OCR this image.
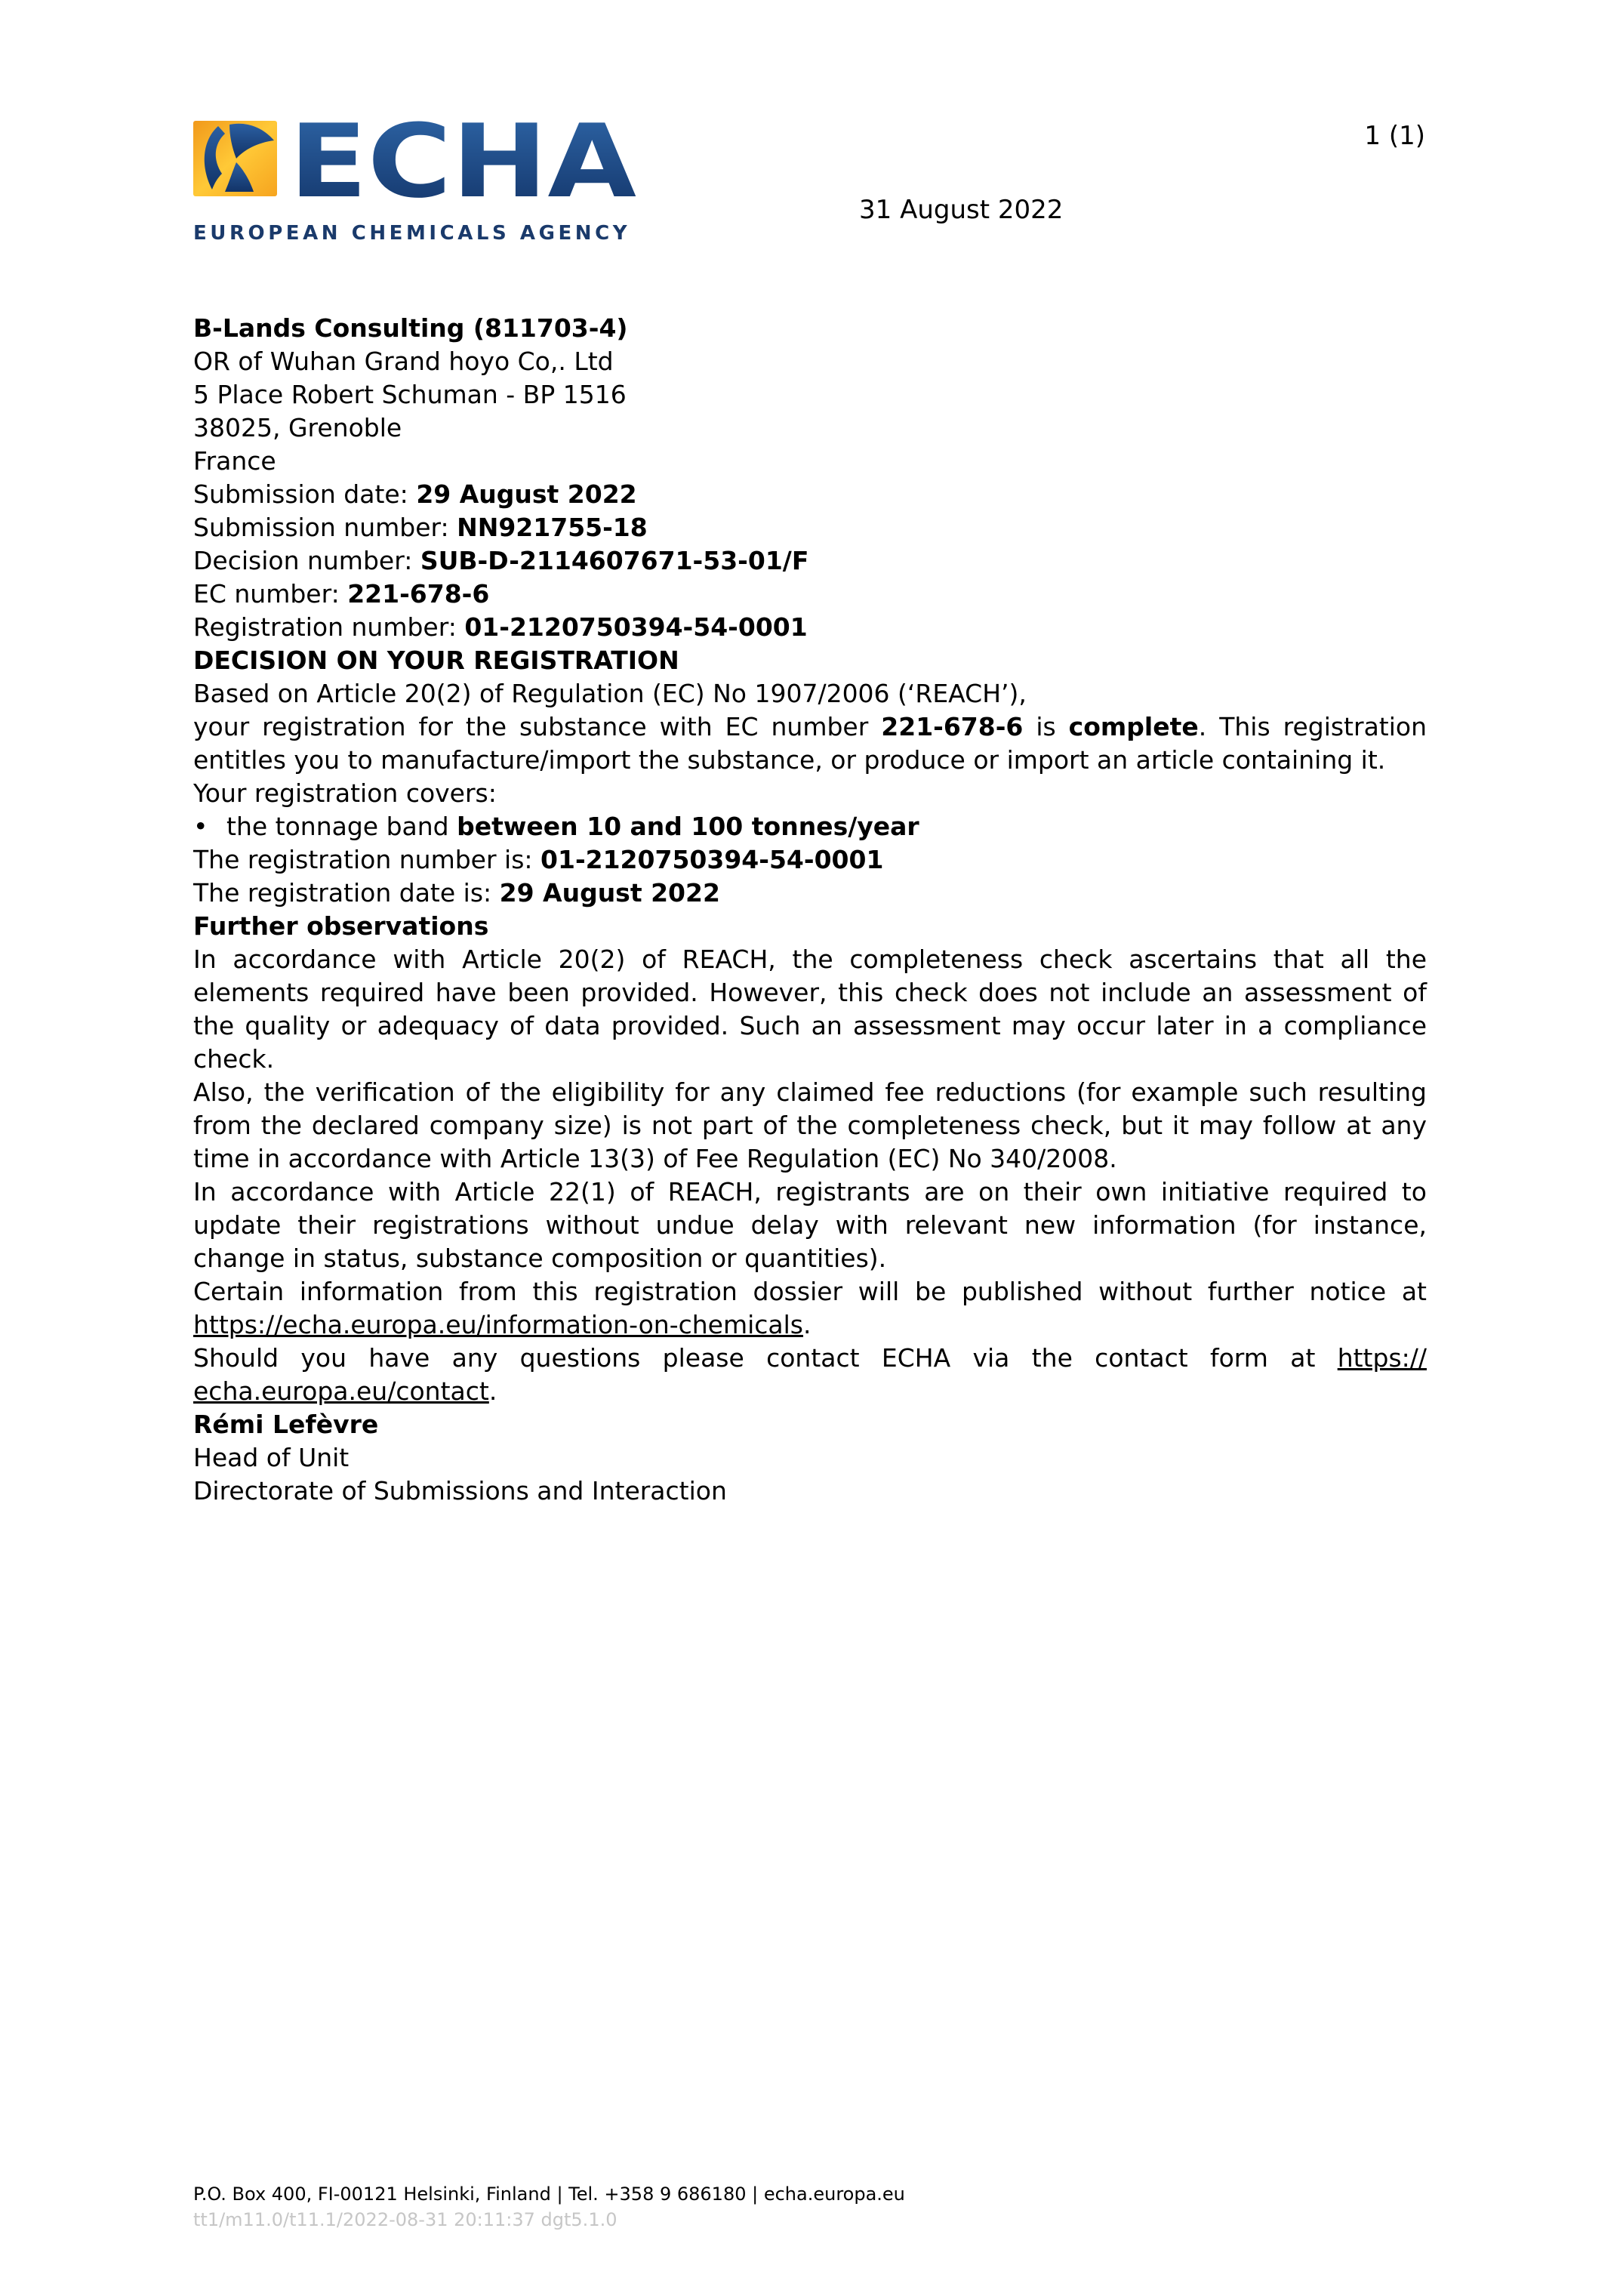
1 (1)
31 August 2022
ECHA
EUROPEAN CHEMICALS AGENCY
B-Lands Consulting (811703-4)
OR of Wuhan Grand hoyo Co,. Ltd
5 Place Robert Schuman - BP 1516
38025, Grenoble
France
Submission date: 29 August 2022
Submission number: NN921755-18
Decision number: SUB-D-2114607671-53-01/F
EC number: 221-678-6
Registration number: 01-2120750394-54-0001
DECISION ON YOUR REGISTRATION
Based on Article 20(2) of Regulation (EC) No 1907/2006 (‘REACH’),

your registration for the substance with EC number 221-678-6 is complete. This registration entitles you to manufacture/import the substance, or produce or import an article containing it.

Your registration covers:
• the tonnage band between 10 and 100 tonnes/year
The registration number is: 01-2120750394-54-0001
The registration date is: 29 August 2022
Further observations

In accordance with Article 20(2) of REACH, the completeness check ascertains that all the elements required have been provided. However, this check does not include an assessment of the quality or adequacy of data provided. Such an assessment may occur later in a compliance check.

Also, the verification of the eligibility for any claimed fee reductions (for example such resulting from the declared company size) is not part of the completeness check, but it may follow at any time in accordance with Article 13(3) of Fee Regulation (EC) No 340/2008.

In accordance with Article 22(1) of REACH, registrants are on their own initiative required to update their registrations without undue delay with relevant new information (for instance, change in status, substance composition or quantities).

Certain information from this registration dossier will be published without further notice at https://echa.europa.eu/information-on-chemicals.

Should you have any questions please contact ECHA via the contact form at https://echa.europa.eu/contact.

Rémi Lefèvre
Head of Unit
Directorate of Submissions and Interaction
P.O. Box 400, FI-00121 Helsinki, Finland | Tel. +358 9 686180 | echa.europa.eu
tt1/m11.0/t11.1/2022-08-31 20:11:37 dgt5.1.0
